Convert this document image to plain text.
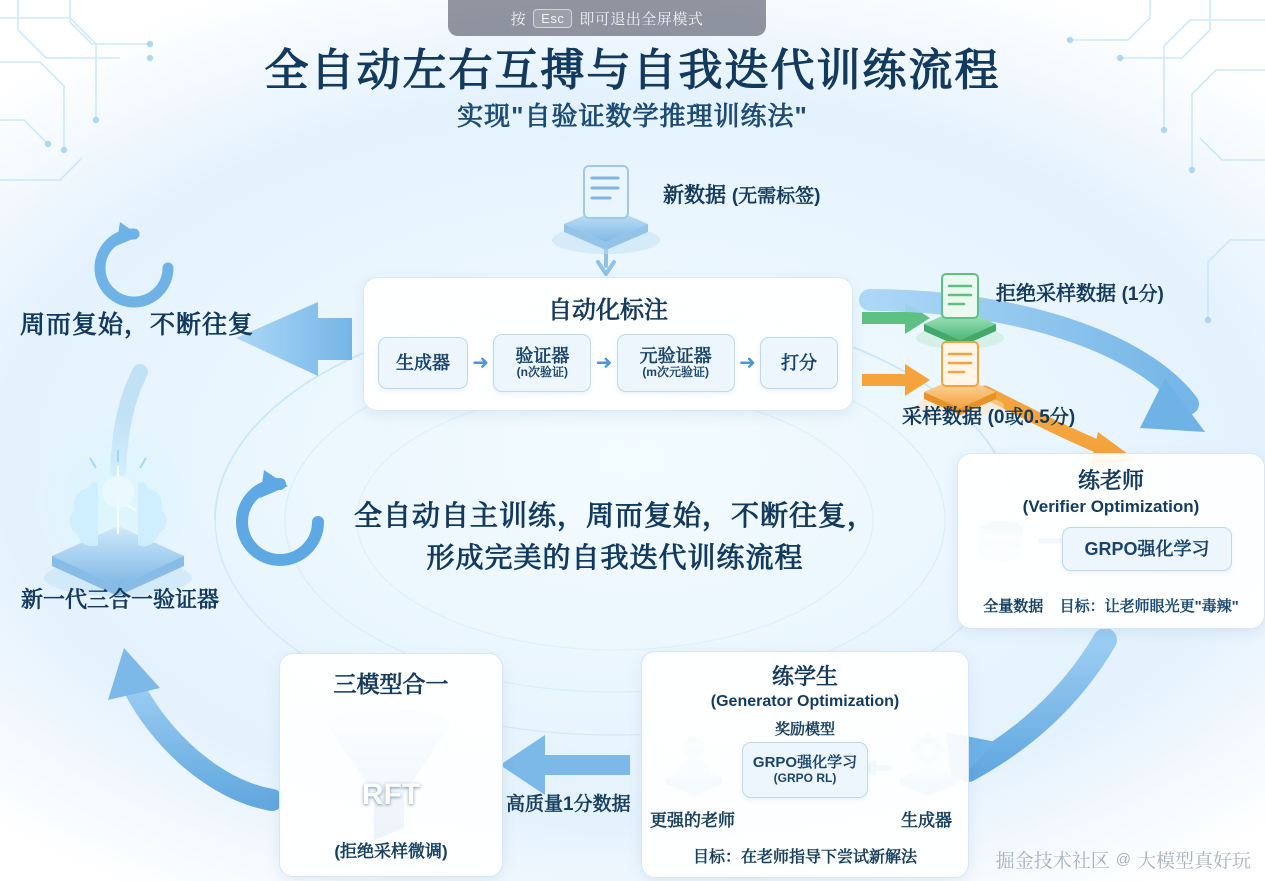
按	Esc	即可退出全屏模式
全自动左右互搏与自我迭代训练流程
实现"自验证数学推理训练法"
新数据 (无需标签)
周而复始，不断往复
新一代三合一验证器
拒绝采样数据 (1分)
采样数据 (0或0.5分)
高质量1分数据
自动化标注
生成器 ➜ 验证器
(n次验证) ➜ 元验证器
(m次元验证) ➜ 打分
练老师
(Verifier Optimization)
GRPO强化学习
全量数据 目标：让老师眼光更"毒辣"
练学生
(Generator Optimization)
奖励模型
GRPO强化学习
(GRPO RL)
更强的老师	生成器
目标：在老师指导下尝试新解法
三模型合一
RFT
(拒绝采样微调)
全自动自主训练，周而复始，不断往复，
形成完美的自我迭代训练流程
掘金技术社区 @ 大模型真好玩
